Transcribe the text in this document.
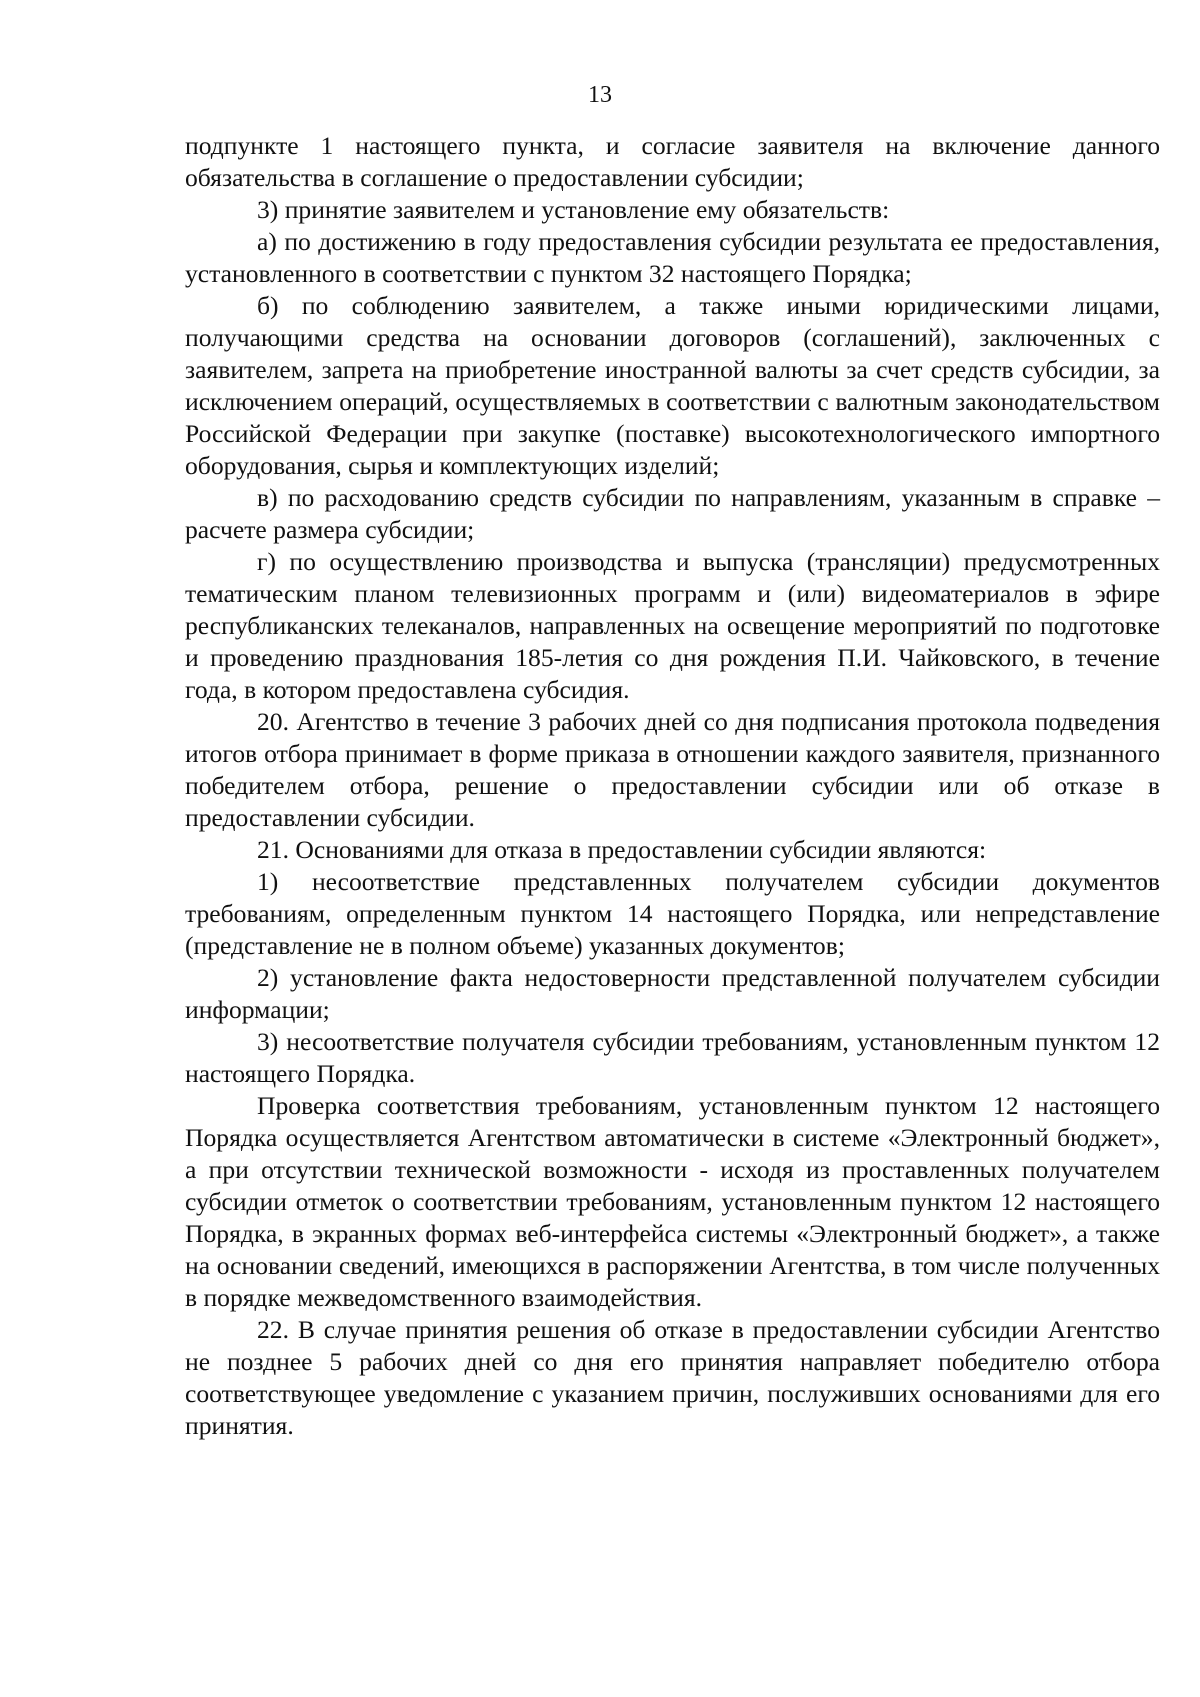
13

подпункте 1 настоящего пункта, и согласие заявителя на включение данного обязательства в соглашение о предоставлении субсидии;

3) принятие заявителем и установление ему обязательств:

а) по достижению в году предоставления субсидии результата ее предоставления, установленного в соответствии с пунктом 32 настоящего Порядка;

б) по соблюдению заявителем, а также иными юридическими лицами, получающими средства на основании договоров (соглашений), заключенных с заявителем, запрета на приобретение иностранной валюты за счет средств субсидии, за исключением операций, осуществляемых в соответствии с валютным законодательством Российской Федерации при закупке (поставке) высокотехнологического импортного оборудования, сырья и комплектующих изделий;

в) по расходованию средств субсидии по направлениям, указанным в справке – расчете размера субсидии;

г) по осуществлению производства и выпуска (трансляции) предусмотренных тематическим планом телевизионных программ и (или) видеоматериалов в эфире республиканских телеканалов, направленных на освещение мероприятий по подготовке и проведению празднования 185-летия со дня рождения П.И. Чайковского, в течение года, в котором предоставлена субсидия.

20. Агентство в течение 3 рабочих дней со дня подписания протокола подведения итогов отбора принимает в форме приказа в отношении каждого заявителя, признанного победителем отбора, решение о предоставлении субсидии или об отказе в предоставлении субсидии.

21. Основаниями для отказа в предоставлении субсидии являются:

1) несоответствие представленных получателем субсидии документов требованиям, определенным пунктом 14 настоящего Порядка, или непредставление (представление не в полном объеме) указанных документов;

2) установление факта недостоверности представленной получателем субсидии информации;

3) несоответствие получателя субсидии требованиям, установленным пунктом 12 настоящего Порядка.

Проверка соответствия требованиям, установленным пунктом 12 настоящего Порядка осуществляется Агентством автоматически в системе «Электронный бюджет», а при отсутствии технической возможности - исходя из проставленных получателем субсидии отметок о соответствии требованиям, установленным пунктом 12 настоящего Порядка, в экранных формах веб-интерфейса системы «Электронный бюджет», а также на основании сведений, имеющихся в распоряжении Агентства, в том числе полученных в порядке межведомственного взаимодействия.

22. В случае принятия решения об отказе в предоставлении субсидии Агентство не позднее 5 рабочих дней со дня его принятия направляет победителю отбора соответствующее уведомление с указанием причин, послуживших основаниями для его принятия.
